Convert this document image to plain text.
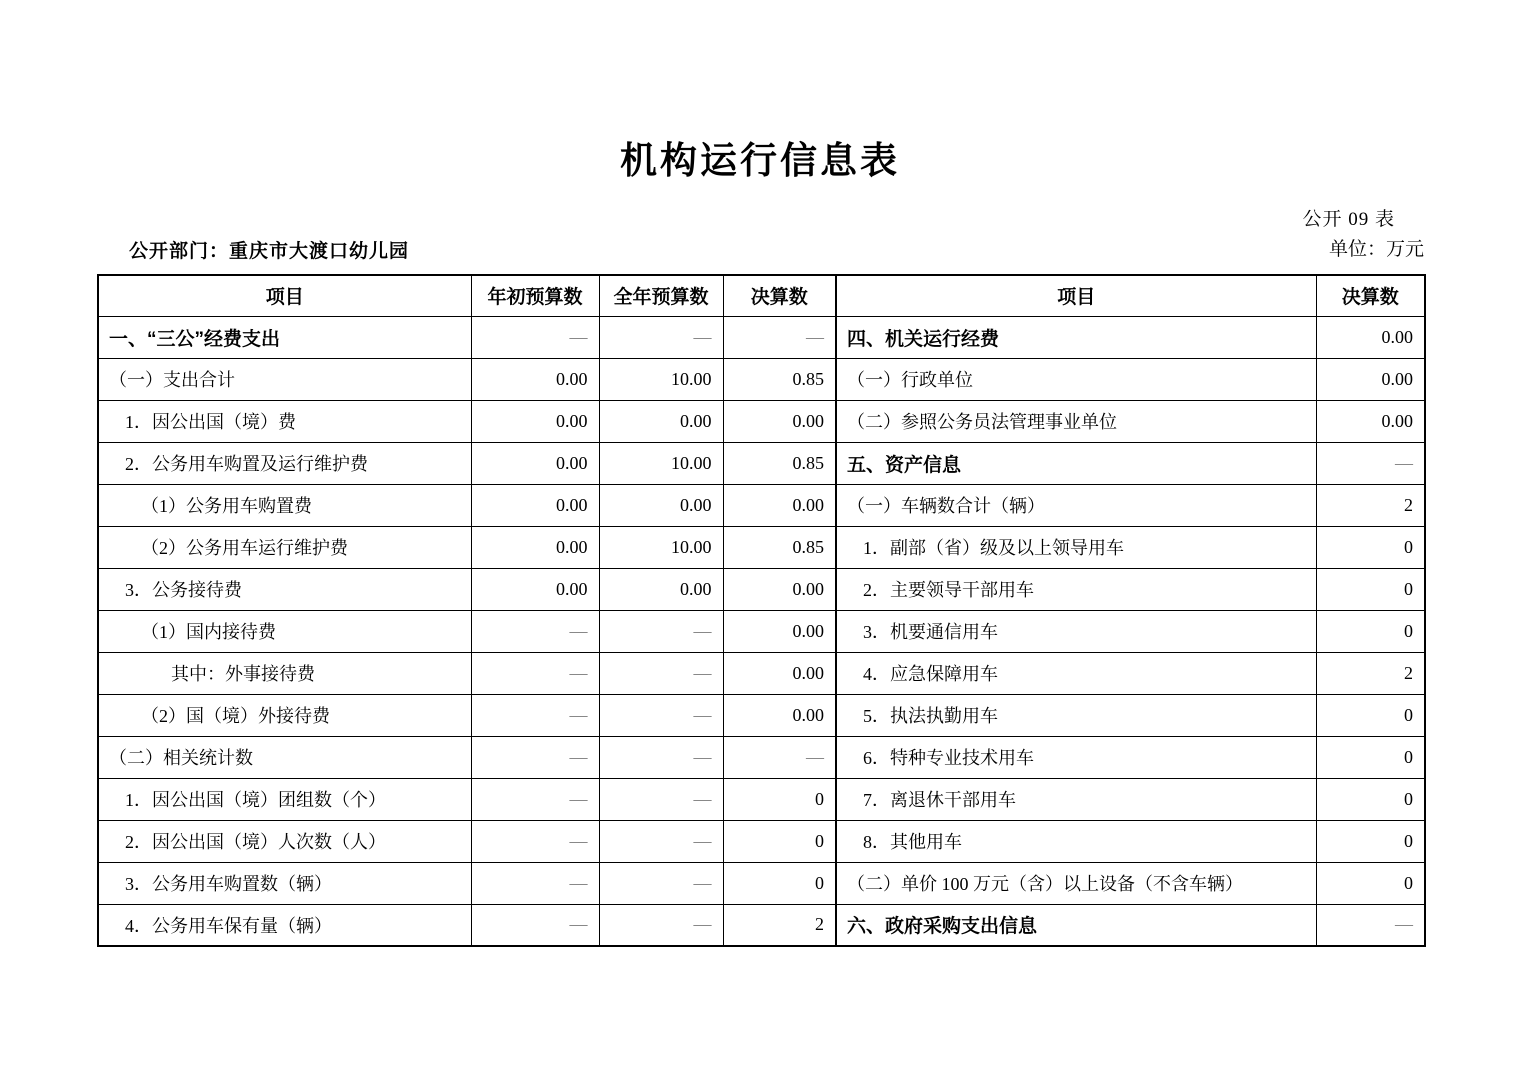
机构运行信息表
公开 09 表
公开部门：重庆市大渡口幼儿园	单位：万元
项目	年初预算数	全年预算数	决算数	项目	决算数
一、“三公”经费支出	—	—	—	四、机关运行经费	0.00
（一）支出合计	0.00	10.00	0.85	（一）行政单位	0.00
1．因公出国（境）费	0.00	0.00	0.00	（二）参照公务员法管理事业单位	0.00
2．公务用车购置及运行维护费	0.00	10.00	0.85	五、资产信息	—
（1）公务用车购置费	0.00	0.00	0.00	（一）车辆数合计（辆）	2
（2）公务用车运行维护费	0.00	10.00	0.85	1．副部（省）级及以上领导用车	0
3．公务接待费	0.00	0.00	0.00	2．主要领导干部用车	0
（1）国内接待费	—	—	0.00	3．机要通信用车	0
其中：外事接待费	—	—	0.00	4．应急保障用车	2
（2）国（境）外接待费	—	—	0.00	5．执法执勤用车	0
（二）相关统计数	—	—	—	6．特种专业技术用车	0
1．因公出国（境）团组数（个）	—	—	0	7．离退休干部用车	0
2．因公出国（境）人次数（人）	—	—	0	8．其他用车	0
3．公务用车购置数（辆）	—	—	0	（二）单价 100 万元（含）以上设备（不含车辆）	0
4．公务用车保有量（辆）	—	—	2	六、政府采购支出信息	—
